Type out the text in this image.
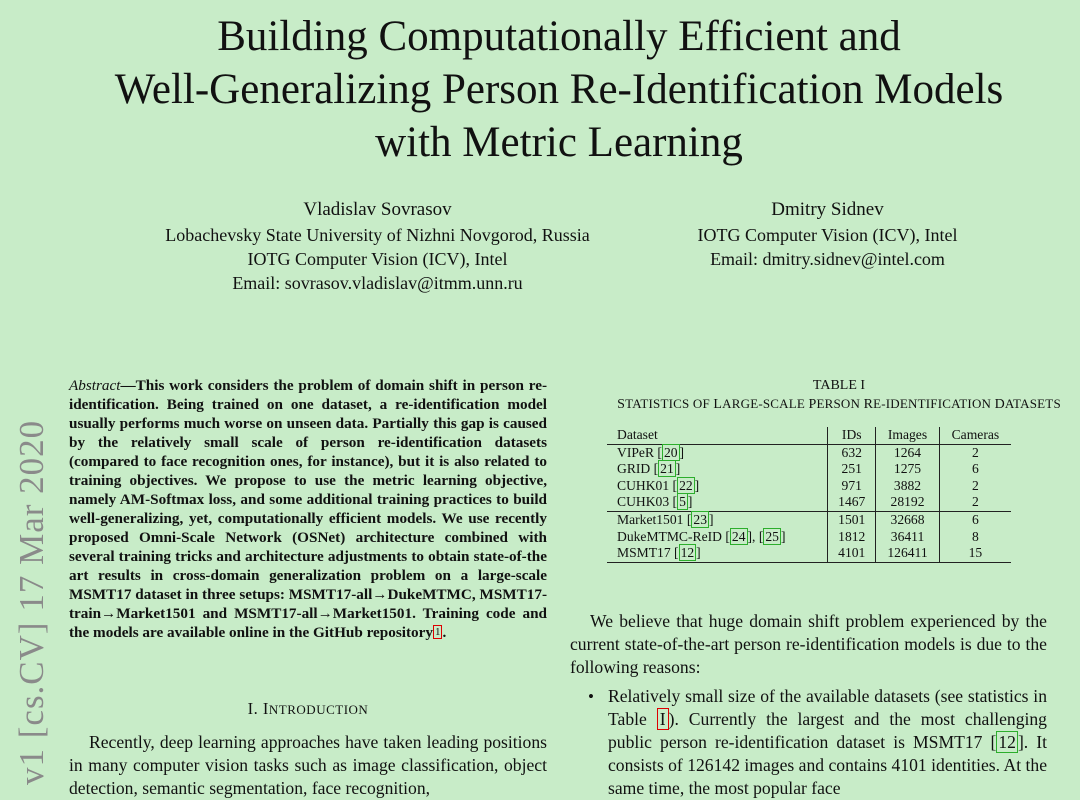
Building Computationally Efficient and
Well-Generalizing Person Re-Identification Models
with Metric Learning
Vladislav Sovrasov
Lobachevsky State University of Nizhni Novgorod, Russia
IOTG Computer Vision (ICV), Intel
Email: sovrasov.vladislav@itmm.unn.ru
Dmitry Sidnev
IOTG Computer Vision (ICV), Intel
Email: dmitry.sidnev@intel.com
v1 [cs.CV] 17 Mar 2020
Abstract—This work considers the problem of domain shift in person re-identification. Being trained on one dataset, a re-identification model usually performs much worse on unseen data. Partially this gap is caused by the relatively small scale of person re-identification datasets (compared to face recognition ones, for instance), but it is also related to training objectives. We propose to use the metric learning objective, namely AM-Softmax loss, and some additional training practices to build well-generalizing, yet, computationally efficient models. We use recently proposed Omni-Scale Network (OSNet) architecture combined with several training tricks and architecture adjustments to obtain state-of-the art results in cross-domain generalization problem on a large-scale MSMT17 dataset in three setups: MSMT17-all→DukeMTMC, MSMT17-train→Market1501 and MSMT17-all→Market1501. Training code and the models are available online in the GitHub repository $^1$ .
I. INTRODUCTION
Recently, deep learning approaches have taken leading positions in many computer vision tasks such as image classification, object detection, semantic segmentation, face recognition,
TABLE I
STATISTICS OF LARGE-SCALE PERSON RE-IDENTIFICATION DATASETS
Dataset	IDs	Images	Cameras
VIPeR [ 20 ]	632	1264	2
GRID [ 21 ]	251	1275	6
CUHK01 [ 22 ]	971	3882	2
CUHK03 [ 5 ]	1467	28192	2
Market1501 [ 23 ]	1501	32668	6
DukeMTMC-ReID [ 24 ], [ 25 ]	1812	36411	8
MSMT17 [ 12 ]	4101	126411	15
We believe that huge domain shift problem experienced by the current state-of-the-art person re-identification models is due to the following reasons:
• Relatively small size of the available datasets (see statistics in Table I ). Currently the largest and the most challenging public person re-identification dataset is MSMT17 [ 12 ]. It consists of 126142 images and contains 4101 identities. At the same time, the most popular face
